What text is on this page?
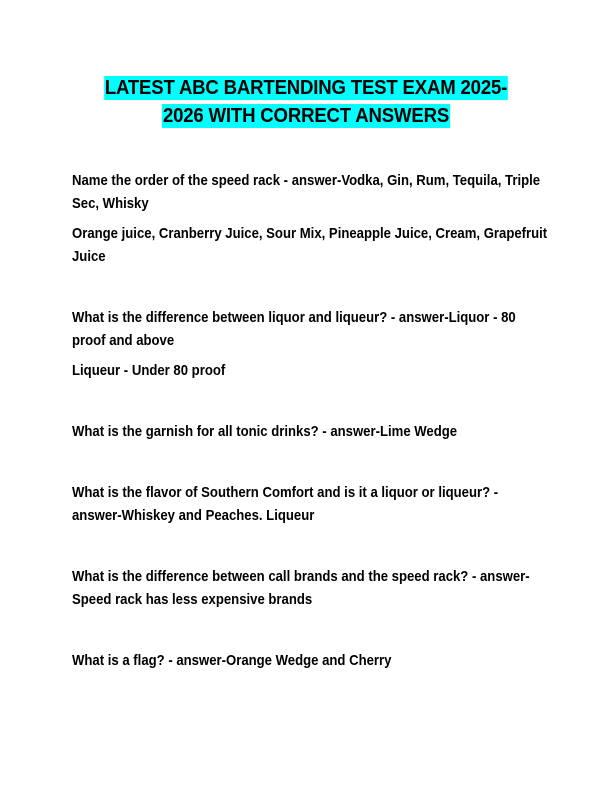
LATEST ABC BARTENDING TEST EXAM 2025-
2026 WITH CORRECT ANSWERS

Name the order of the speed rack - answer-Vodka, Gin, Rum, Tequila, Triple Sec, Whisky

Orange juice, Cranberry Juice, Sour Mix, Pineapple Juice, Cream, Grapefruit Juice

What is the difference between liquor and liqueur? - answer-Liquor - 80 proof and above

Liqueur - Under 80 proof

What is the garnish for all tonic drinks? - answer-Lime Wedge

What is the flavor of Southern Comfort and is it a liquor or liqueur? - answer-Whiskey and Peaches. Liqueur

What is the difference between call brands and the speed rack? - answer-Speed rack has less expensive brands

What is a flag? - answer-Orange Wedge and Cherry
